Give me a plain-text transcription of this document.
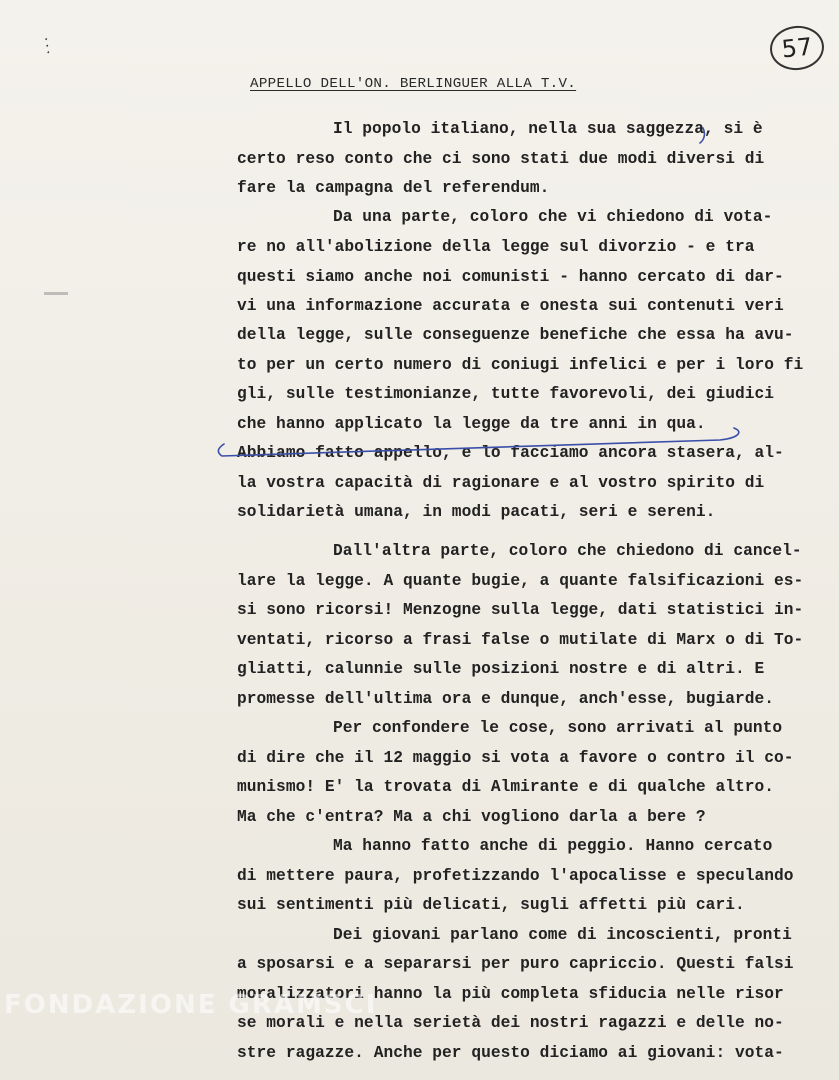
⋱	57
APPELLO DELL'ON. BERLINGUER ALLA T.V.
Il popolo italiano, nella sua saggezza, si è
certo reso conto che ci sono stati due modi diversi di
fare la campagna del referendum.
Da una parte, coloro che vi chiedono di vota-
re no all'abolizione della legge sul divorzio - e tra
questi siamo anche noi comunisti - hanno cercato di dar-
vi una informazione accurata e onesta sui contenuti veri
della legge, sulle conseguenze benefiche che essa ha avu-
to per un certo numero di coniugi infelici e per i loro fi
gli, sulle testimonianze, tutte favorevoli, dei giudici
che hanno applicato la legge da tre anni in qua.
Abbiamo fatto appello, e lo facciamo ancora stasera, al-
la vostra capacità di ragionare e al vostro spirito di
solidarietà umana, in modi pacati, seri e sereni.
Dall'altra parte, coloro che chiedono di cancel-
lare la legge. A quante bugie, a quante falsificazioni es-
si sono ricorsi! Menzogne sulla legge, dati statistici in-
ventati, ricorso a frasi false o mutilate di Marx o di To-
gliatti, calunnie sulle posizioni nostre e di altri. E
promesse dell'ultima ora e dunque, anch'esse, bugiarde.
Per confondere le cose, sono arrivati al punto
di dire che il 12 maggio si vota a favore o contro il co-
munismo! E' la trovata di Almirante e di qualche altro.
Ma che c'entra? Ma a chi vogliono darla a bere ?
Ma hanno fatto anche di peggio. Hanno cercato
di mettere paura, profetizzando l'apocalisse e speculando
sui sentimenti più delicati, sugli affetti più cari.
Dei giovani parlano come di incoscienti, pronti
a sposarsi e a separarsi per puro capriccio. Questi falsi
moralizzatori hanno la più completa sfiducia nelle risor
se morali e nella serietà dei nostri ragazzi e delle no-
stre ragazze. Anche per questo diciamo ai giovani: vota-
FONDAZIONE GRAMSCI
